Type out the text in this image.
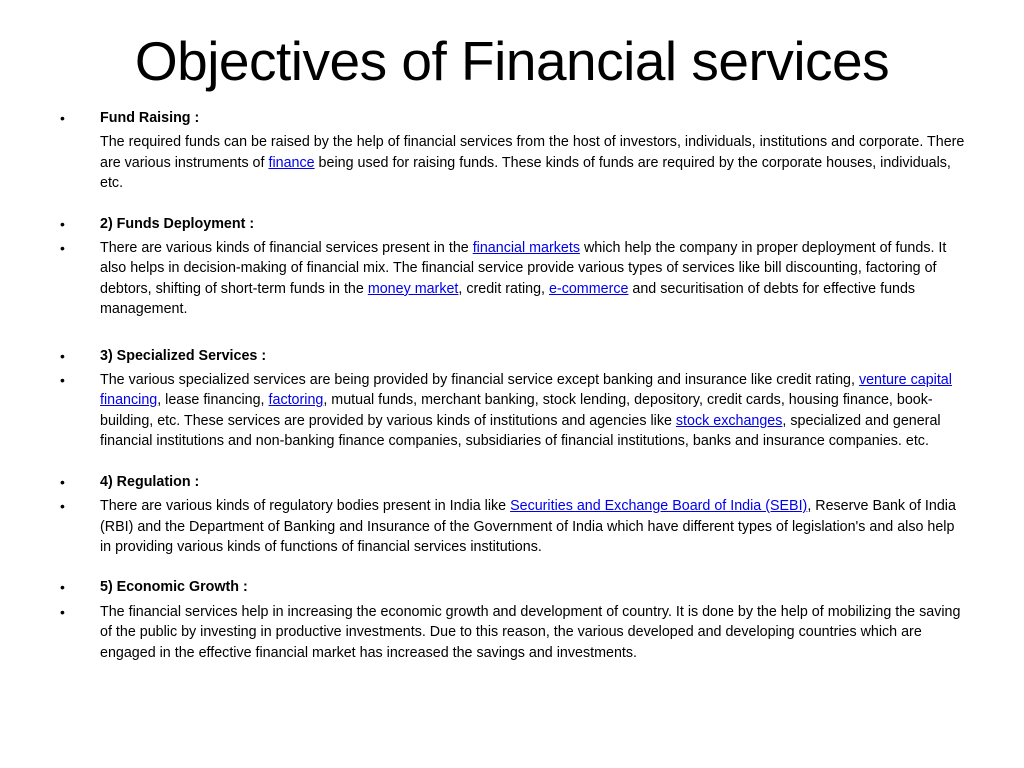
Objectives of Financial services
•	Fund Raising :
The required funds can be raised by the help of financial services from the host of investors, individuals, institutions and corporate. There are various instruments of finance being used for raising funds. These kinds of funds are required by the corporate houses, individuals, etc.
•	2) Funds Deployment :
•	There are various kinds of financial services present in the financial markets which help the company in proper deployment of funds. It also helps in decision-making of financial mix. The financial service provide various types of services like bill discounting, factoring of debtors, shifting of short-term funds in the money market, credit rating, e-commerce and securitisation of debts for effective funds management.
•	3) Specialized Services :
•	The various specialized services are being provided by financial service except banking and insurance like credit rating, venture capital financing, lease financing, factoring, mutual funds, merchant banking, stock lending, depository, credit cards, housing finance, book-building, etc. These services are provided by various kinds of institutions and agencies like stock exchanges, specialized and general financial institutions and non-banking finance companies, subsidiaries of financial institutions, banks and insurance companies. etc.
•	4) Regulation :
•	There are various kinds of regulatory bodies present in India like Securities and Exchange Board of India (SEBI), Reserve Bank of India (RBI) and the Department of Banking and Insurance of the Government of India which have different types of legislation's and also help in providing various kinds of functions of financial services institutions.
•	5) Economic Growth :
•	The financial services help in increasing the economic growth and development of country. It is done by the help of mobilizing the saving of the public by investing in productive investments. Due to this reason, the various developed and developing countries which are engaged in the effective financial market has increased the savings and investments.
